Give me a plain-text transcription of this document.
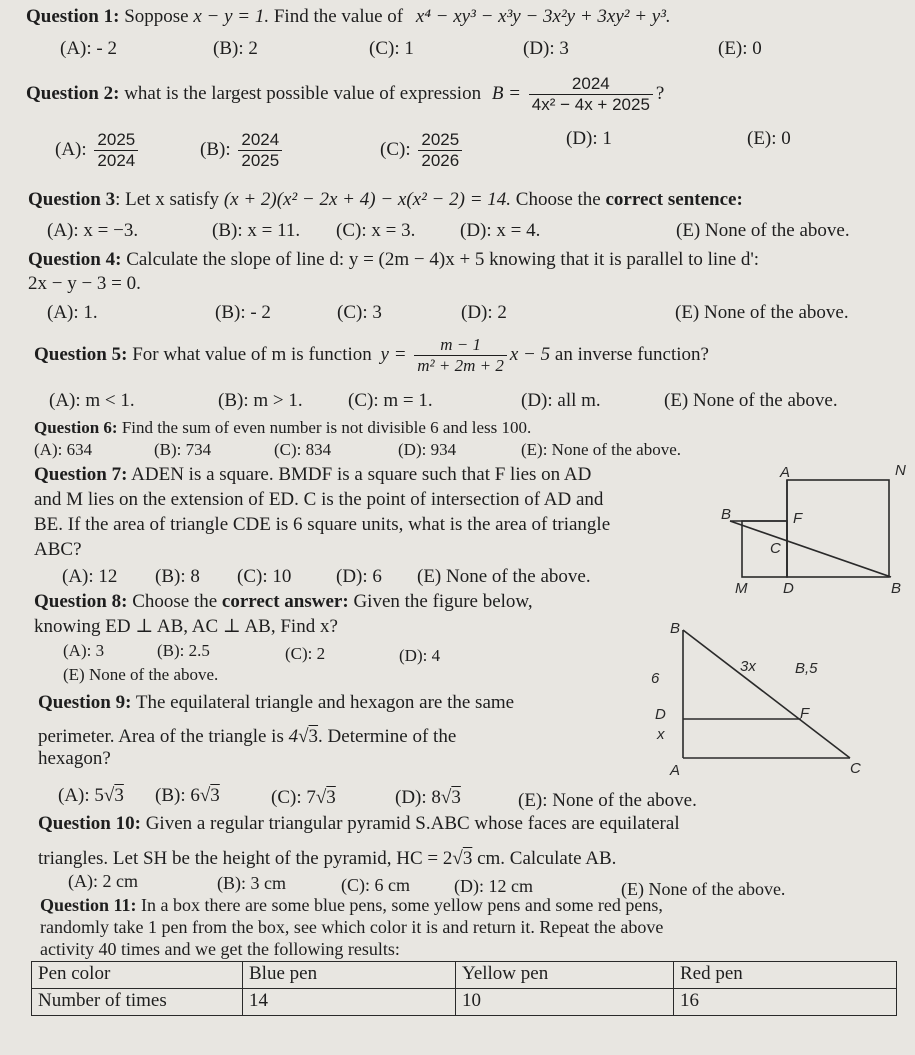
Question 1: Soppose x − y = 1. Find the value of x⁴ − xy³ − x³y − 3x²y + 3xy² + y³.
(A): - 2	(B): 2	(C): 1	(D): 3	(E): 0
Question 2: what is the largest possible value of expression $B = \frac{2024}{\text{4x² − 4x + 2025}}$ ?
(A): $\frac{2025}{2024}$	(B): $\frac{2024}{2025}$	(C): $\frac{2025}{2026}$	(D): 1	(E): 0
Question 3: Let x satisfy (x + 2)(x² − 2x + 4) − x(x² − 2) = 14. Choose the correct sentence:
(A): x = −3.	(B): x = 11. (C): x = 3. (D): x = 4.	(E) None of the above.
Question 4: Calculate the slope of line d: y = (2m − 4)x + 5 knowing that it is parallel to line d':
2x − y − 3 = 0.
(A): 1.	(B): - 2	(C): 3	(D): 2	(E) None of the above.
Question 5: For what value of m is function $y = \frac{m - 1}{\text{m² + 2m + 2}}$ x − 5 an inverse function?
(A): m < 1.	(B): m > 1. (C): m = 1.	(D): all m.	(E) None of the above.
Question 6: Find the sum of even number is not divisible 6 and less 100.
(A): 634	(B): 734	(C): 834	(D): 934	(E): None of the above.
Question 7: ADEN is a square. BMDF is a square such that F lies on AD
and M lies on the extension of ED. C is the point of intersection of AD and
BE. If the area of triangle CDE is 6 square units, what is the area of triangle
ABC?
(A): 12 (B): 8 (C): 10 (D): 6 (E) None of the above.
A	N
B	F
C
M D	B
Question 8: Choose the correct answer: Given the figure below,
knowing ED ⊥ AB, AC ⊥ AB, Find x?
(A): 3	(B): 2.5	(C): 2	(D): 4
(E) None of the above.
B
6
3x	B,5
D	F
x
A	C
Question 9: The equilateral triangle and hexagon are the same
perimeter. Area of the triangle is 4√3. Determine of the
hexagon?
(A): 5√3 (B): 6√3	(C): 7√3	(D): 8√3	(E): None of the above.
Question 10: Given a regular triangular pyramid S.ABC whose faces are equilateral
triangles. Let SH be the height of the pyramid, HC = 2√3 cm. Calculate AB.
(A): 2 cm	(B): 3 cm	(C): 6 cm (D): 12 cm	(E) None of the above.
Question 11: In a box there are some blue pens, some yellow pens and some red pens,
randomly take 1 pen from the box, see which color it is and return it. Repeat the above
activity 40 times and we get the following results:
Pen color	Blue pen	Yellow pen	Red pen
Number of times	14	10	16
